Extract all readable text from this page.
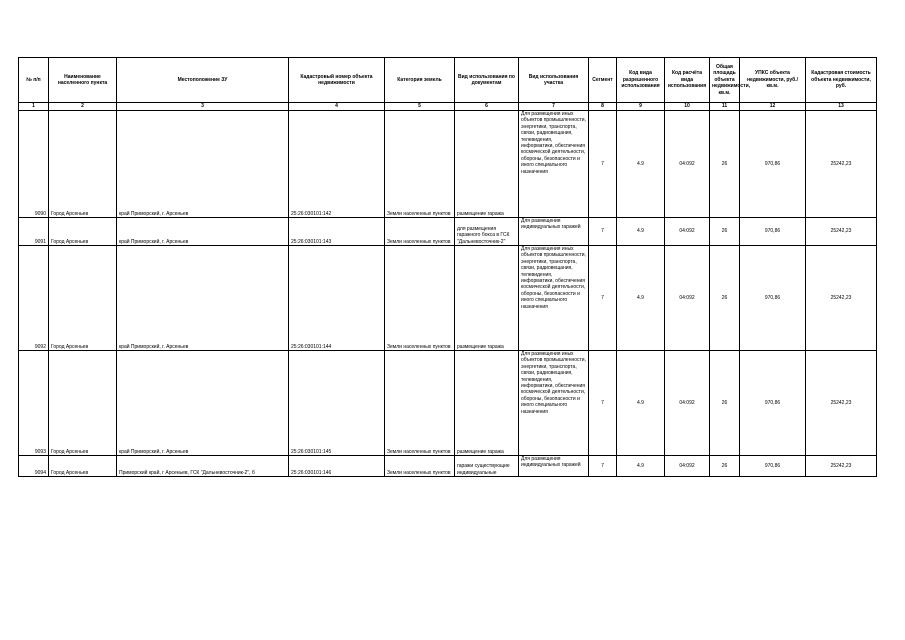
№ п/п	Наименование населенного пункта	Местоположение ЗУ	Кадастровый номер объекта недвижимости	Категория земель	Вид использования по документам	Вид использования участка	Сегмент	Код вида разрешенного использования	Код расчёта вида использования	Общая площадь объекта недвижимости, кв.м.	УПКС объекта недвижимости, руб./кв.м.	Кадастровая стоимость объекта недвижимости, руб.
1	2	3	4	5	6	7	8	9	10	11	12	13
9090	Город Арсеньев	край Приморский, г. Арсеньев	25:26:030101:142	Земли населенных пунктов	размещение гаража	Для размещения иных объектов промышленности, энергетики, транспорта, связи, радиовещания, телевидения, информатики, обеспечения космической деятельности, обороны, безопасности и иного специального назначения	7	4.9	04:092	26	970,86	25242,23
9091	Город Арсеньев	край Приморский, г. Арсеньев	25:26:030101:143	Земли населенных пунктов	для размещения гаражного бокса в ГСК "Дальневосточник-2"	Для размещения индивидуальных гаражей	7	4.9	04:092	26	970,86	25242,23
9092	Город Арсеньев	край Приморский, г. Арсеньев	25:26:030101:144	Земли населенных пунктов	размещение гаража	Для размещения иных объектов промышленности, энергетики, транспорта, связи, радиовещания, телевидения, информатики, обеспечения космической деятельности, обороны, безопасности и иного специального назначения	7	4.9	04:092	26	970,86	25242,23
9093	Город Арсеньев	край Приморский, г. Арсеньев	25:26:030101:145	Земли населенных пунктов	размещение гаража	Для размещения иных объектов промышленности, энергетики, транспорта, связи, радиовещания, телевидения, информатики, обеспечения космической деятельности, обороны, безопасности и иного специального назначения	7	4.9	04:092	26	970,86	25242,23
9094	Город Арсеньев	Приморский край, г Арсеньев, ГСК "Дальневосточник-2", б	25:26:030101:146	Земли населенных пунктов	гаражи существующие индивидуальные	Для размещения индивидуальных гаражей	7	4.9	04:092	26	970,86	25242,23
